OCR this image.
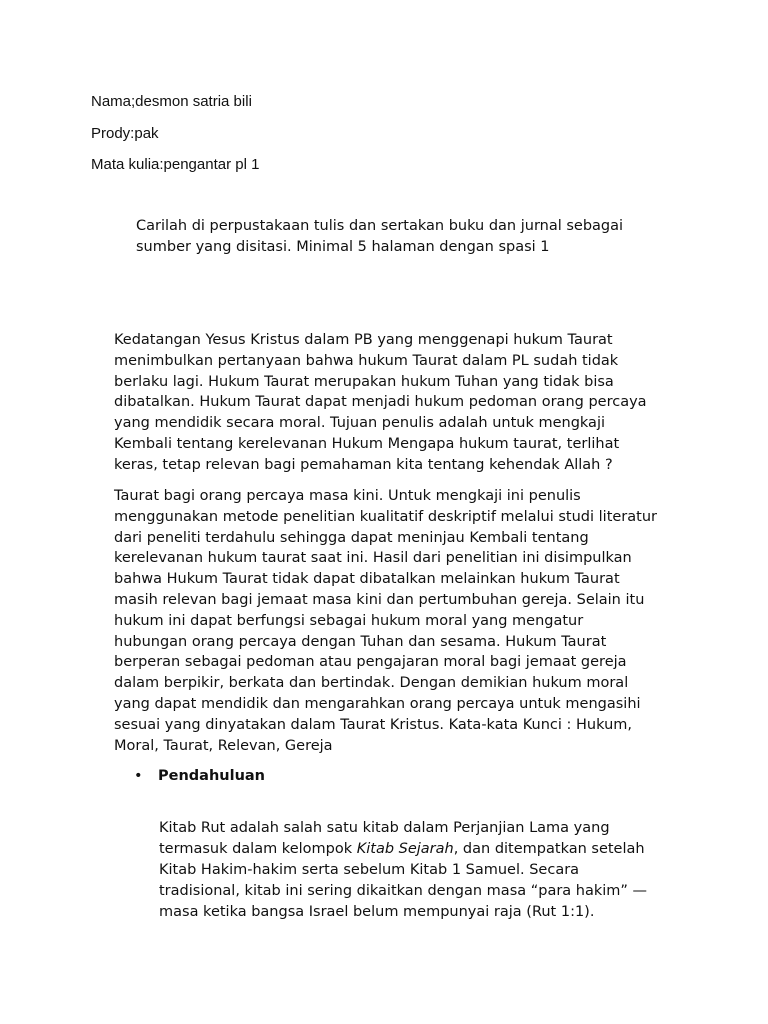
Nama;desmon satria bili
Prody:pak
Mata kulia:pengantar pl 1
Carilah di perpustakaan tulis dan sertakan buku dan jurnal sebagai
sumber yang disitasi. Minimal 5 halaman dengan spasi 1
Kedatangan Yesus Kristus dalam PB yang menggenapi hukum Taurat
menimbulkan pertanyaan bahwa hukum Taurat dalam PL sudah tidak
berlaku lagi. Hukum Taurat merupakan hukum Tuhan yang tidak bisa
dibatalkan. Hukum Taurat dapat menjadi hukum pedoman orang percaya
yang mendidik secara moral. Tujuan penulis adalah untuk mengkaji
Kembali tentang kerelevanan Hukum Mengapa hukum taurat, terlihat
keras, tetap relevan bagi pemahaman kita tentang kehendak Allah ?
Taurat bagi orang percaya masa kini. Untuk mengkaji ini penulis
menggunakan metode penelitian kualitatif deskriptif melalui studi literatur
dari peneliti terdahulu sehingga dapat meninjau Kembali tentang
kerelevanan hukum taurat saat ini. Hasil dari penelitian ini disimpulkan
bahwa Hukum Taurat tidak dapat dibatalkan melainkan hukum Taurat
masih relevan bagi jemaat masa kini dan pertumbuhan gereja. Selain itu
hukum ini dapat berfungsi sebagai hukum moral yang mengatur
hubungan orang percaya dengan Tuhan dan sesama. Hukum Taurat
berperan sebagai pedoman atau pengajaran moral bagi jemaat gereja
dalam berpikir, berkata dan bertindak. Dengan demikian hukum moral
yang dapat mendidik dan mengarahkan orang percaya untuk mengasihi
sesuai yang dinyatakan dalam Taurat Kristus. Kata-kata Kunci : Hukum,
Moral, Taurat, Relevan, Gereja
• Pendahuluan
Kitab Rut adalah salah satu kitab dalam Perjanjian Lama yang
termasuk dalam kelompok Kitab Sejarah, dan ditempatkan setelah
Kitab Hakim-hakim serta sebelum Kitab 1 Samuel. Secara
tradisional, kitab ini sering dikaitkan dengan masa “para hakim” —
masa ketika bangsa Israel belum mempunyai raja (Rut 1:1).
